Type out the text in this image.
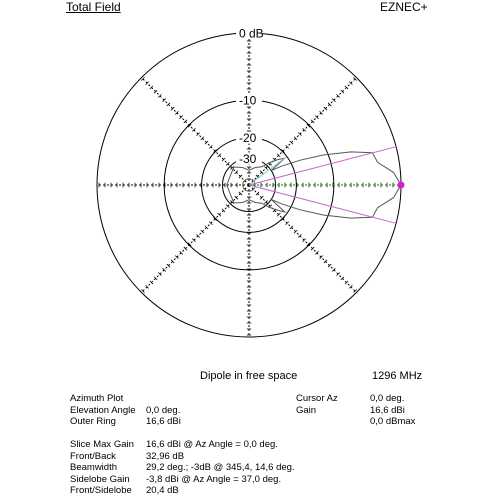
Total Field	EZNEC+
0 dB
-10
-20
-30
Dipole in free space	1296 MHz
Azimuth Plot
Elevation Angle	0,0 deg.
Outer Ring	16,6 dBi
Cursor Az	0,0 deg.
Gain	16,6 dBi
0,0 dBmax
Slice Max Gain	16,6 dBi @ Az Angle = 0,0 deg.
Front/Back	32,96 dB
Beamwidth	29,2 deg.; -3dB @ 345,4, 14,6 deg.
Sidelobe Gain	-3,8 dBi @ Az Angle = 37,0 deg.
Front/Sidelobe	20,4 dB
